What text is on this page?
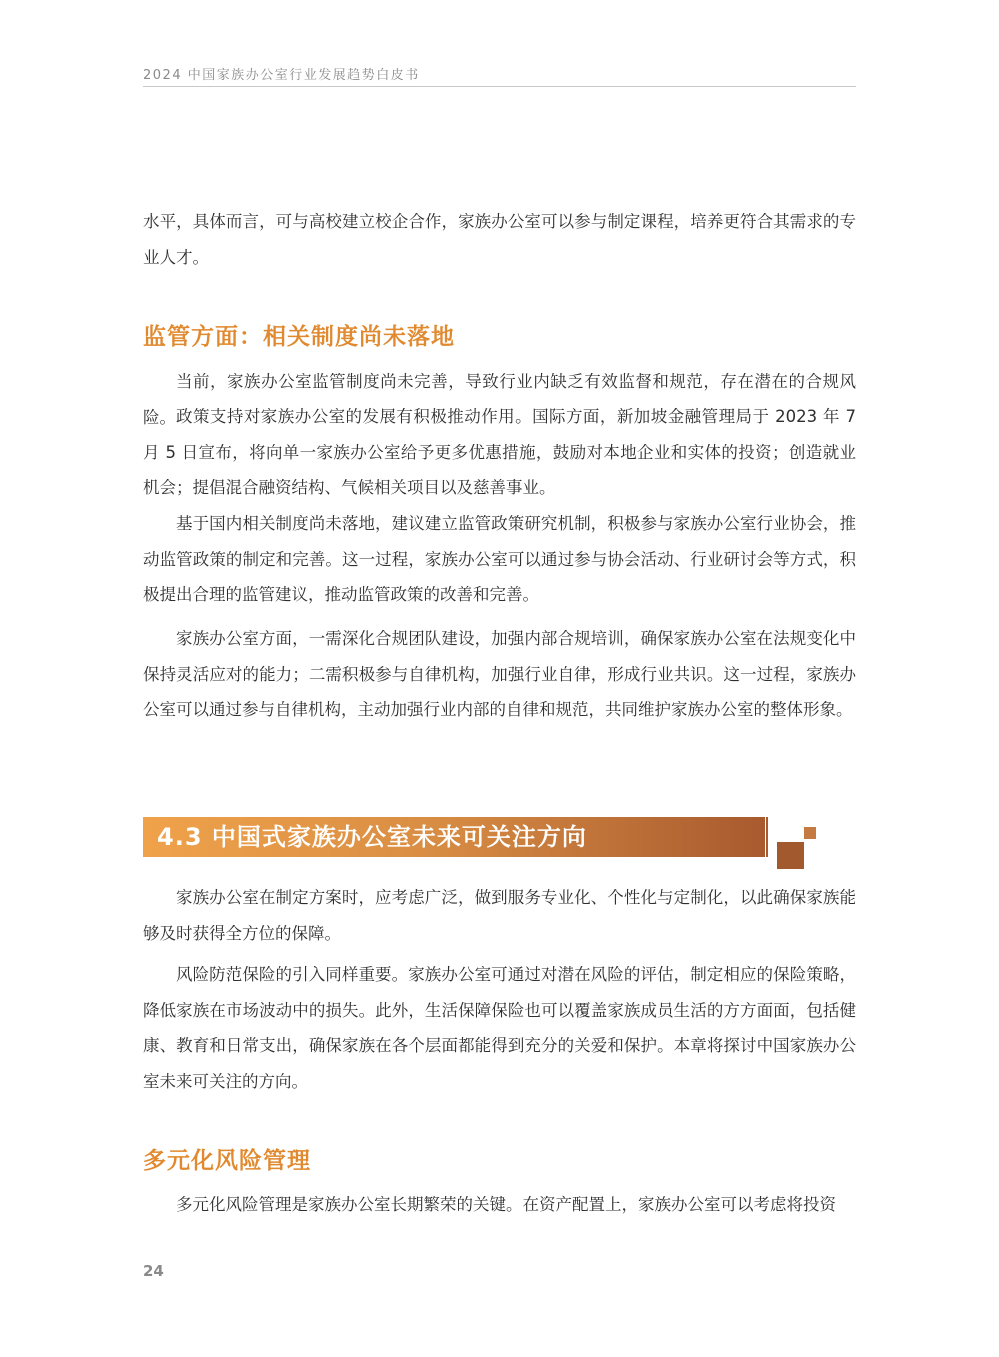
2024 中国家族办公室行业发展趋势白皮书

水平，具体而言，可与高校建立校企合作，家族办公室可以参与制定课程，培养更符合其需求的专业人才。

监管方面：相关制度尚未落地

当前，家族办公室监管制度尚未完善，导致行业内缺乏有效监督和规范，存在潜在的合规风险。 政策支持对家族办公室的发展有积极推动作用。国际方面，新加坡金融管理局于 2023 年 7 月 5 日宣布，将向单一家族办公室给予更多优惠措施，鼓励对本地企业和实体的投资；创造就业机会；提倡混合融资结构、气候相关项目以及慈善事业。

基于国内相关制度尚未落地，建议建立监管政策研究机制，积极参与家族办公室行业协会，推动监管政策的制定和完善。这一过程，家族办公室可以通过参与协会活动、行业研讨会等方式，积极提出合理的监管建议，推动监管政策的改善和完善。

家族办公室方面，一需深化合规团队建设，加强内部合规培训，确保家族办公室在法规变化中保持灵活应对的能力；二需积极参与自律机构，加强行业自律，形成行业共识。这一过程，家族办公室可以通过参与自律机构，主动加强行业内部的自律和规范，共同维护家族办公室的整体形象。

4.3 中国式家族办公室未来可关注方向

家族办公室在制定方案时，应考虑广泛，做到服务专业化、个性化与定制化，以此确保家族能够及时获得全方位的保障。

风险防范保险的引入同样重要。家族办公室可通过对潜在风险的评估，制定相应的保险策略，降低家族在市场波动中的损失。此外，生活保障保险也可以覆盖家族成员生活的方方面面，包括健康、教育和日常支出，确保家族在各个层面都能得到充分的关爱和保护。本章将探讨中国家族办公室未来可关注的方向。

多元化风险管理

多元化风险管理是家族办公室长期繁荣的关键。在资产配置上，家族办公室可以考虑将投资

24
